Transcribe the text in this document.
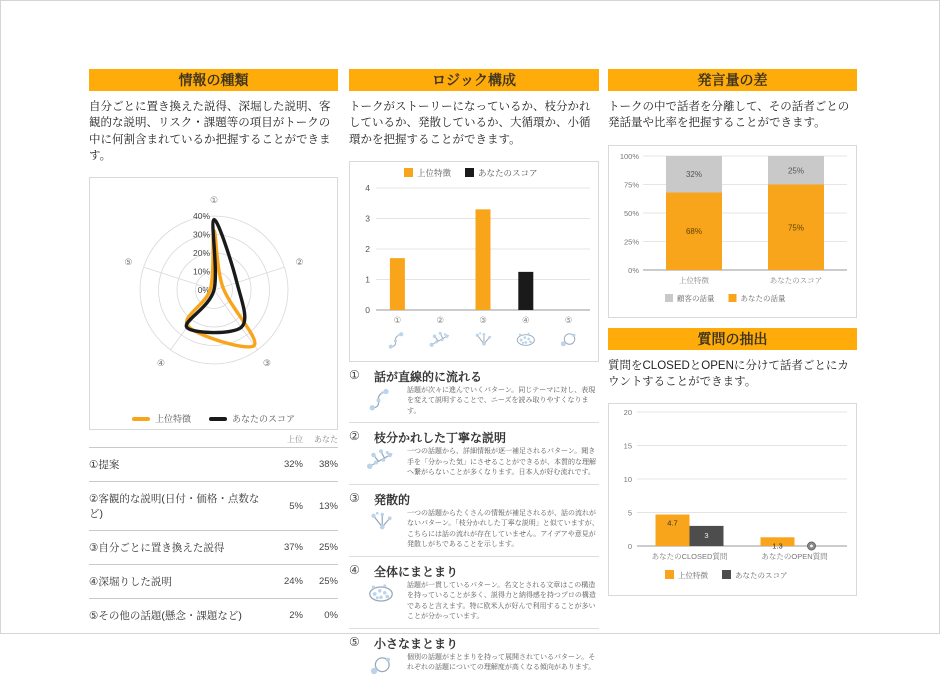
情報の種類

自分ごとに置き換えた説得、深堀した説明、客観的な説明、リスク・課題等の項目がトークの中に何割含まれているか把握することができます。

①
②
③
④
⑤
0%
10%
20%
30%
40%
上位特徴	あなたのスコア
上位	あなた
①提案	32%	38%
②客観的な説明(日付・価格・点数など)
5%	13%
③自分ごとに置き換えた説得	37%	25%
④深堀りした説明	24%	25%
⑤その他の話題(懸念・課題など)	2%	0%
ロジック構成

トークがストーリーになっているか、枝分かれしているか、発散しているか、大循環か、小循環かを把握することができます。

上位特徴	あなたのスコア
0
1
2
3
4
①	②	③	④	⑤
①	話が直線的に流れる

話題が次々に進んでいくパターン。同じテーマに対し、表現を変えて説明することで、ニーズを読み取りやすくなります。

②	枝分かれした丁寧な説明

一つの話題から、詳細情報が逐一補足されるパターン。聞き手を「分かった気」にさせることができるが、本質的な理解へ繋がらないことが多くなります。日本人が好む流れです。

③	発散的

一つの話題からたくさんの情報が補足されるが、話の流れがないパターン。「枝分かれした丁寧な説明」と似ていますが、こちらには話の流れが存在していません。アイデアや意見が発散しがちであることを示します。

④	全体にまとまり

話題が一貫しているパターン。名文とされる文章はこの構造を持っていることが多く、説得力と納得感を持つプロの構造であると言えます。特に欧米人が好んで利用することが多いことが分かっています。

⑤	小さなまとまり

個別の話題がまとまりを持って展開されているパターン。それぞれの話題についての理解度が高くなる傾向があります。

発言量の差

トークの中で話者を分離して、その話者ごとの発話量や比率を把握することができます。

0%
25%
50%
75%
100%
68%
32%
上位特徴
75%
25%
あなたのスコア
顧客の話量	あなたの話量
質問の抽出

質問をCLOSEDとOPENに分けて話者ごとにカウントすることができます。

0
5
10
15
20
4.7
3
あなたのCLOSED質問
1.3
あなたのOPEN質問
上位特徴	あなたのスコア
